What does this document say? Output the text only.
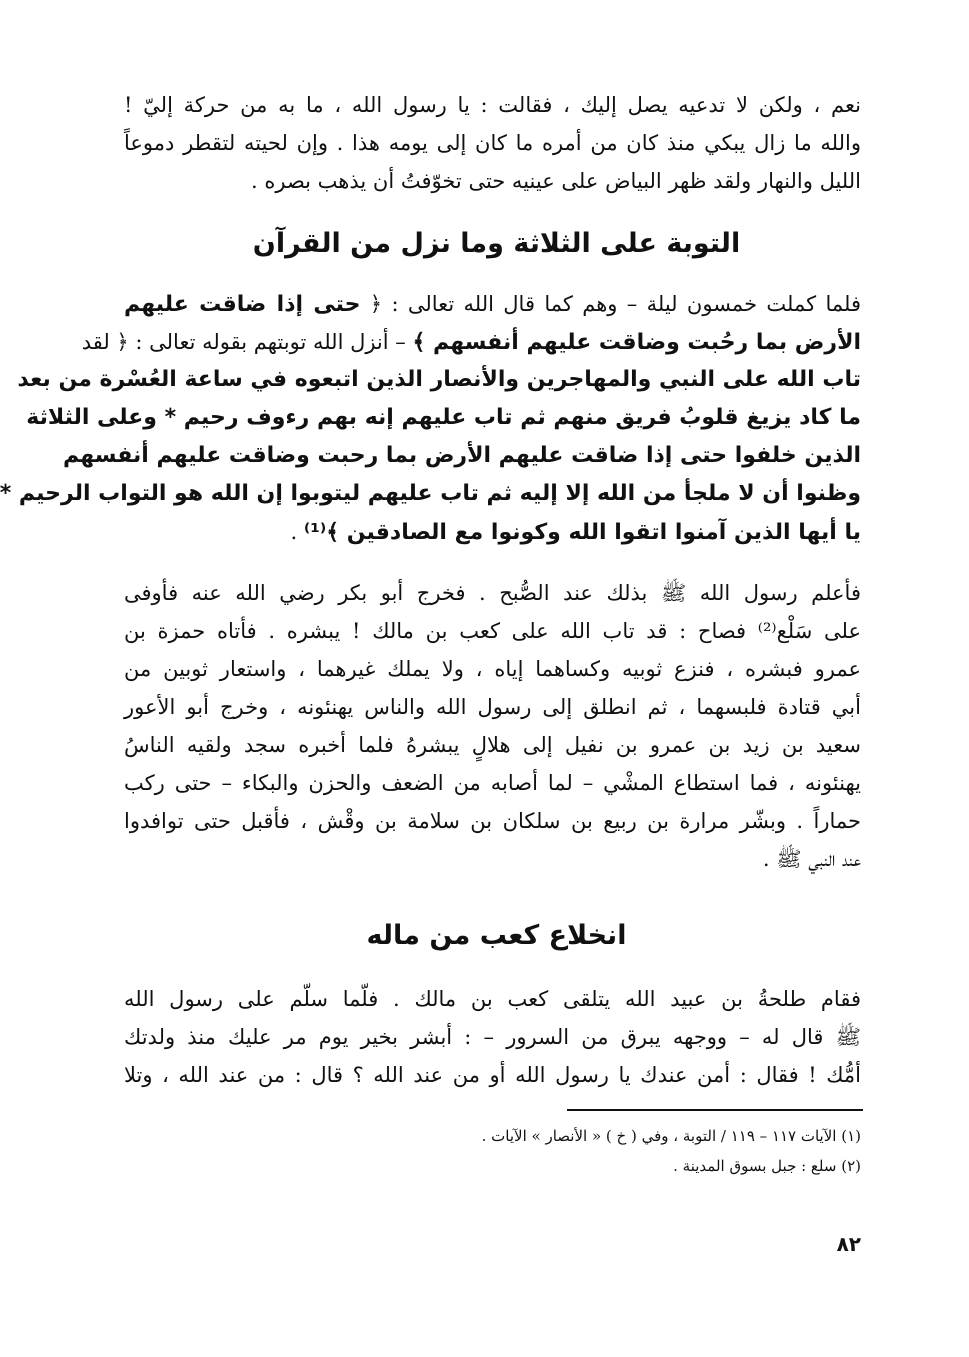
نعم ، ولكن لا تدعيه يصل إليك ، فقالت : يا رسول الله ، ما به من حركة إليّ !
والله ما زال يبكي منذ كان من أمره ما كان إلى يومه هذا . وإن لحيته لتقطر دموعاً
الليل والنهار ولقد ظهر البياض على عينيه حتى تخوّفتُ أن يذهب بصره .
التوبة على الثلاثة وما نزل من القرآن
فلما كملت خمسون ليلة – وهم كما قال الله تعالى : ﴿ حتى إذا ضاقت عليهم
الأرض بما رحُبت وضاقت عليهم أنفسهم ﴾ – أنزل الله توبتهم بقوله تعالى : ﴿ لقد
تاب الله على النبي والمهاجرين والأنصار الذين اتبعوه في ساعة العُسْرة من بعد
ما كاد يزيغ قلوبُ فريق منهم ثم تاب عليهم إنه بهم رءوف رحيم * وعلى الثلاثة
الذين خلفوا حتى إذا ضاقت عليهم الأرض بما رحبت وضاقت عليهم أنفسهم
وظنوا أن لا ملجأ من الله إلا إليه ثم تاب عليهم ليتوبوا إن الله هو التواب الرحيم *
يا أيها الذين آمنوا اتقوا الله وكونوا مع الصادقين ﴾⁽¹⁾ .
فأعلم رسول الله ﷺ بذلك عند الصُّبح . فخرج أبو بكر رضي الله عنه فأوفى
على سَلْع⁽²⁾ فصاح : قد تاب الله على كعب بن مالك ! يبشره . فأتاه حمزة بن
عمرو فبشره ، فنزع ثوبيه وكساهما إياه ، ولا يملك غيرهما ، واستعار ثوبين من
أبي قتادة فلبسهما ، ثم انطلق إلى رسول الله والناس يهنئونه ، وخرج أبو الأعور
سعيد بن زيد بن عمرو بن نفيل إلى هلالٍ يبشرهُ فلما أخبره سجد ولقيه الناسُ
يهنئونه ، فما استطاع المشْي – لما أصابه من الضعف والحزن والبكاء – حتى ركب
حماراً . وبشّر مرارة بن ربيع بن سلكان بن سلامة بن وقْش ، فأقبل حتى توافدوا
عند النبي ﷺ .
انخلاع كعب من ماله
فقام طلحةُ بن عبيد الله يتلقى كعب بن مالك . فلّما سلّم على رسول الله
ﷺ قال له – ووجهه يبرق من السرور – : أبشر بخير يوم مر عليك منذ ولدتك
أمُّك ! فقال : أمن عندك يا رسول الله أو من عند الله ؟ قال : من عند الله ، وتلا
(١) الآيات ١١٧ – ١١٩ / التوبة ، وفي ( خ ) « الأنصار » الآيات .
(٢) سلع : جبل بسوق المدينة .
٨٢
